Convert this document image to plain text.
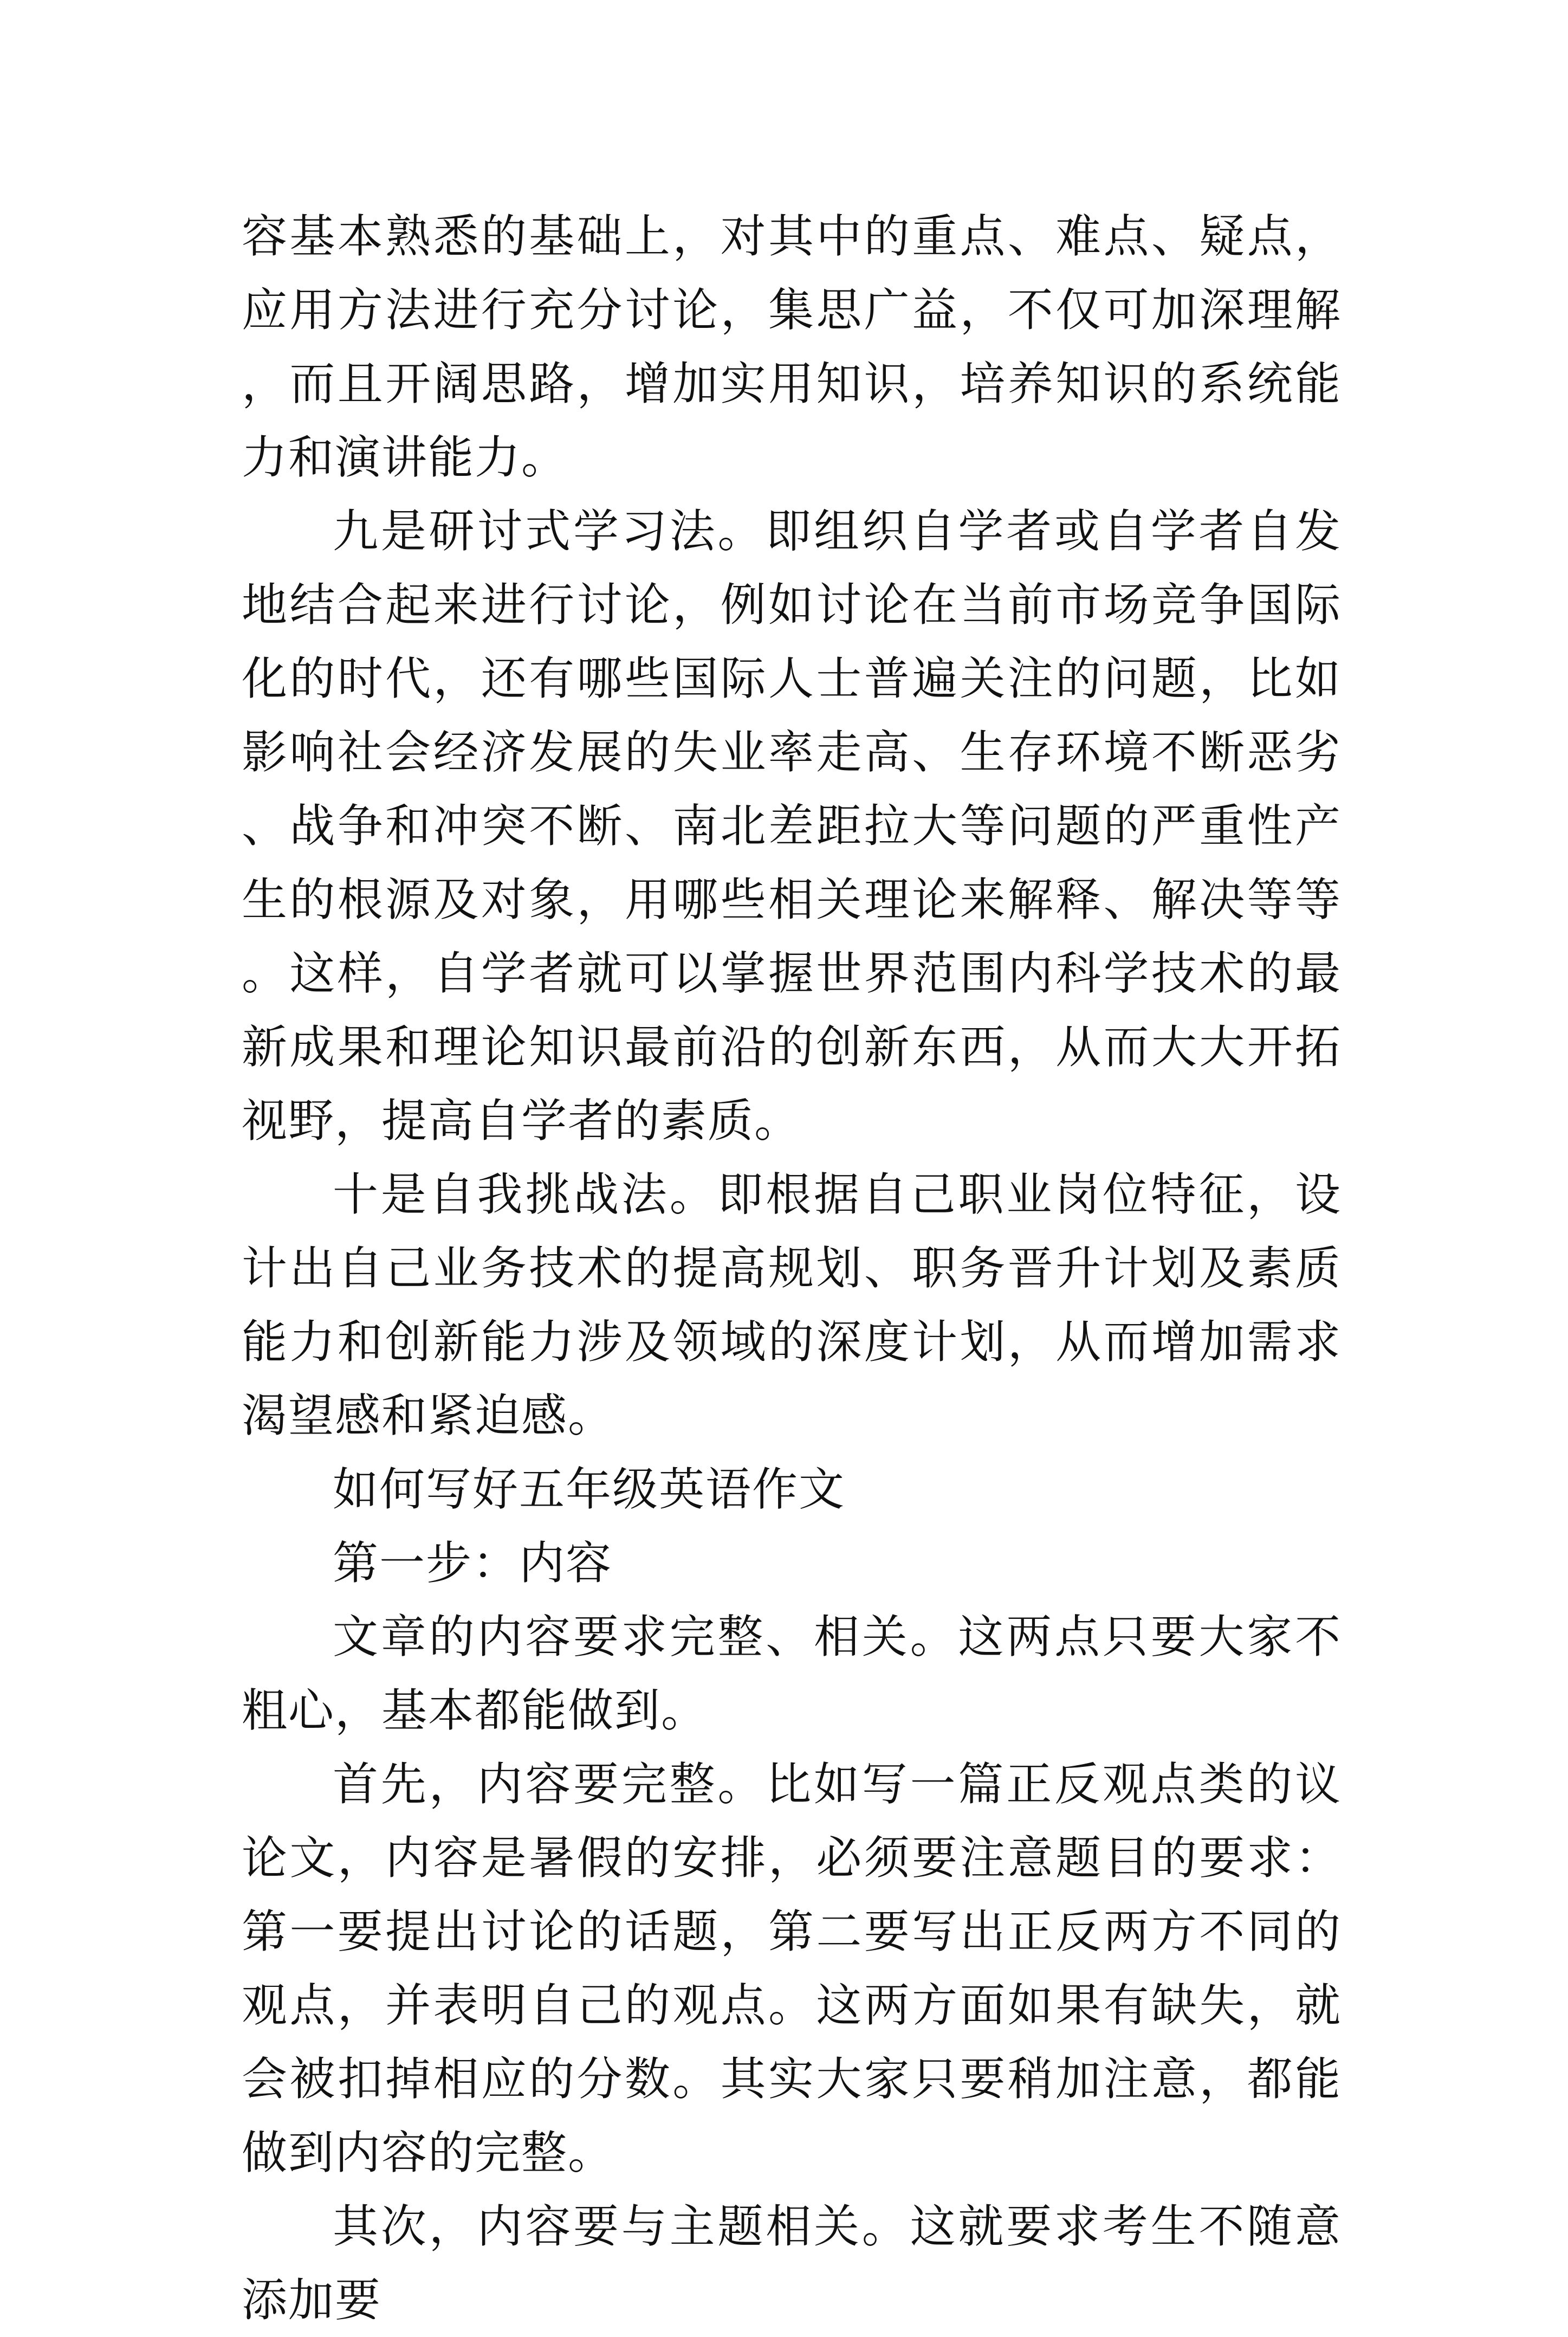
容基本熟悉的基础上，对其中的重点、难点、疑点，应用方法进行充分讨论，集思广益，不仅可加深理解，而且开阔思路，增加实用知识，培养知识的系统能力和演讲能力。

九是研讨式学习法。即组织自学者或自学者自发地结合起来进行讨论，例如讨论在当前市场竞争国际化的时代，还有哪些国际人士普遍关注的问题，比如影响社会经济发展的失业率走高、生存环境不断恶劣、战争和冲突不断、南北差距拉大等问题的严重性产生的根源及对象，用哪些相关理论来解释、解决等等。这样，自学者就可以掌握世界范围内科学技术的最新成果和理论知识最前沿的创新东西，从而大大开拓视野，提高自学者的素质。

十是自我挑战法。即根据自己职业岗位特征，设计出自己业务技术的提高规划、职务晋升计划及素质能力和创新能力涉及领域的深度计划，从而增加需求渴望感和紧迫感。

如何写好五年级英语作文

第一步：内容

文章的内容要求完整、相关。这两点只要大家不粗心，基本都能做到。

首先，内容要完整。比如写一篇正反观点类的议论文，内容是暑假的安排，必须要注意题目的要求：第一要提出讨论的话题，第二要写出正反两方不同的观点，并表明自己的观点。这两方面如果有缺失，就会被扣掉相应的分数。其实大家只要稍加注意，都能做到内容的完整。

其次，内容要与主题相关。这就要求考生不随意添加要
